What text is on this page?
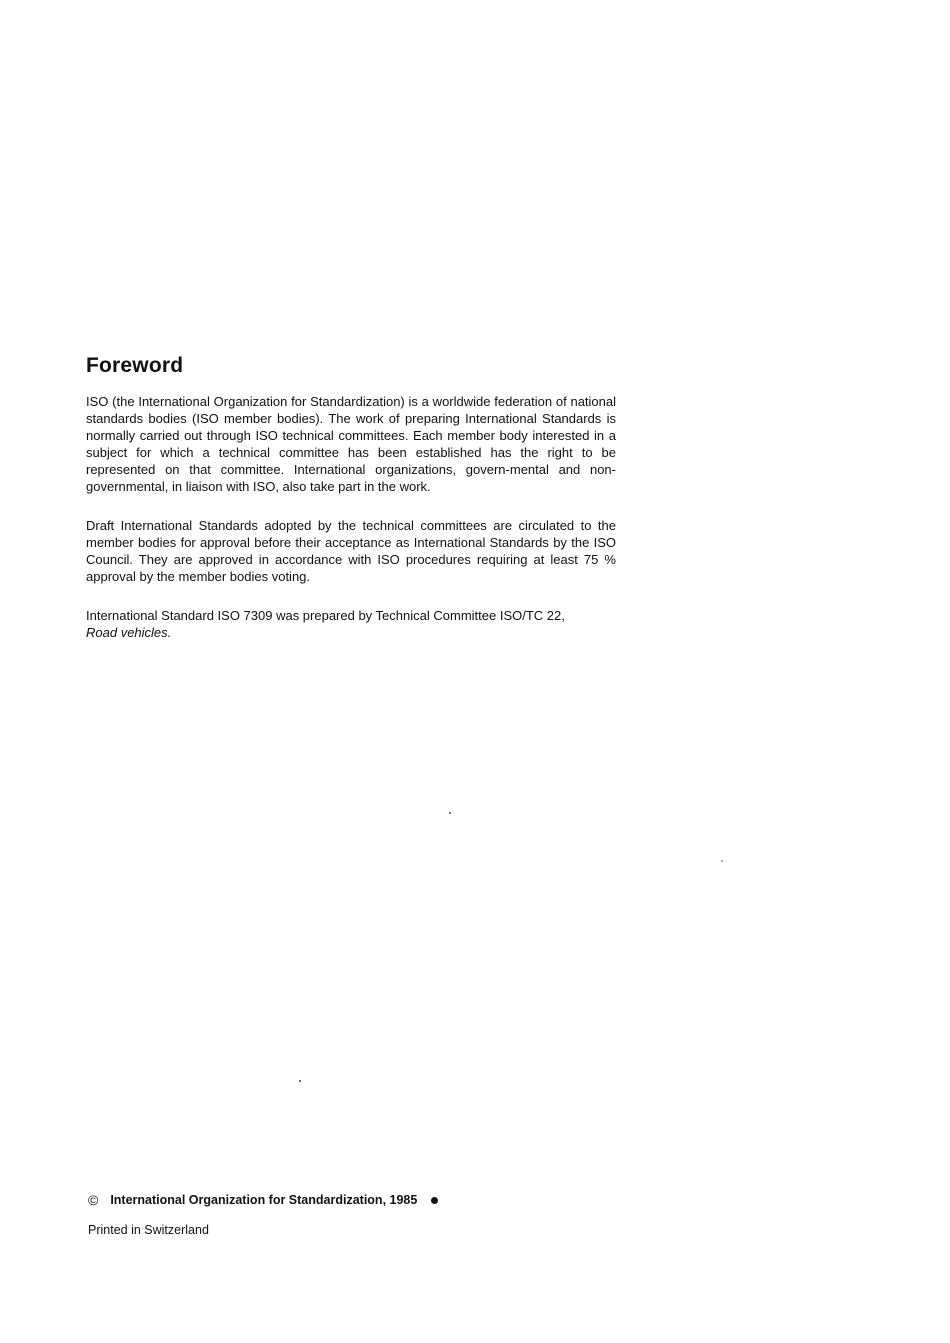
Foreword

ISO (the International Organization for Standardization) is a worldwide federation of national standards bodies (ISO member bodies). The work of preparing International Standards is normally carried out through ISO technical committees. Each member body interested in a subject for which a technical committee has been established has the right to be represented on that committee. International organizations, govern-mental and non-governmental, in liaison with ISO, also take part in the work.

Draft International Standards adopted by the technical committees are circulated to the member bodies for approval before their acceptance as International Standards by the ISO Council. They are approved in accordance with ISO procedures requiring at least 75 % approval by the member bodies voting.

International Standard ISO 7309 was prepared by Technical Committee ISO/TC 22,
Road vehicles.

© International Organization for Standardization, 1985
Printed in Switzerland
